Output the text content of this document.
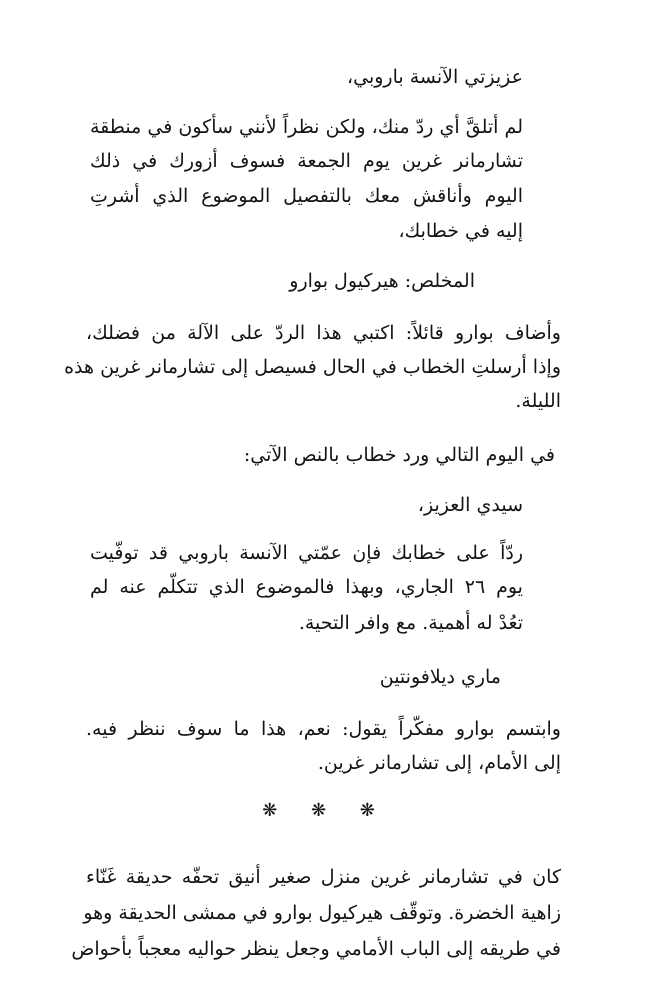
عزيزتي الآنسة باروبي،
لم أتلقَّ أي ردّ منك، ولكن نظراً لأنني سأكون في منطقة
تشارمانر غرين يوم الجمعة فسوف أزورك في ذلك
اليوم وأناقش معك بالتفصيل الموضوع الذي أشرتِ
إليه في خطابك،
المخلص: هيركيول بوارو
وأضاف بوارو قائلاً: اكتبي هذا الردّ على الآلة من فضلك،
وإذا أرسلتِ الخطاب في الحال فسيصل إلى تشارمانر غرين هذه
الليلة.
في اليوم التالي ورد خطاب بالنص الآتي:
سيدي العزيز،
ردّاً على خطابك فإن عمّتي الآنسة باروبي قد توفّيت
يوم ٢٦ الجاري، وبهذا فالموضوع الذي تتكلّم عنه لم
تعُدْ له أهمية. مع وافر التحية.
ماري ديلافونتين
وابتسم بوارو مفكّراً يقول: نعم، هذا ما سوف ننظر فيه.
إلى الأمام، إلى تشارمانر غرين.
❋ ❋ ❋
كان في تشارمانر غرين منزل صغير أنيق تحفّه حديقة غَنّاء
زاهية الخضرة. وتوقّف هيركيول بوارو في ممشى الحديقة وهو
في طريقه إلى الباب الأمامي وجعل ينظر حواليه معجباً بأحواض
